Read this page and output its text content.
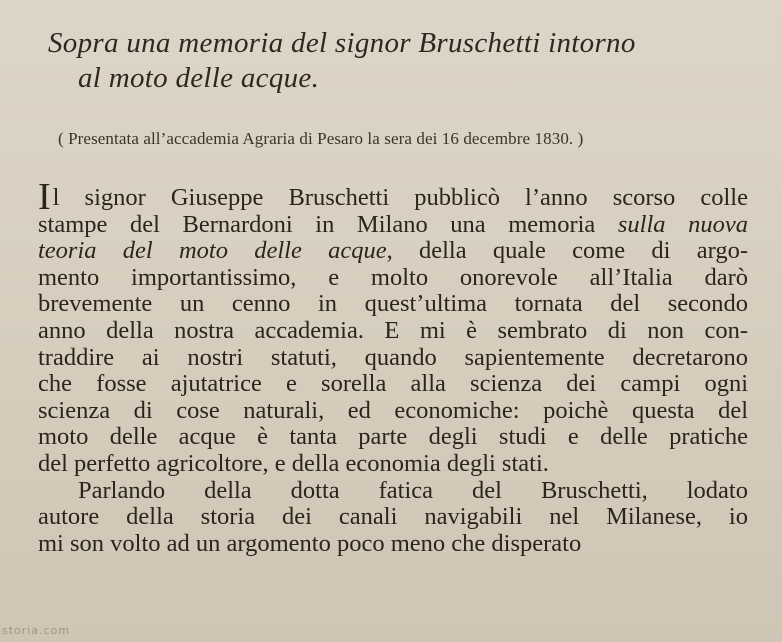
Sopra una memoria del signor Bruschetti intorno
al moto delle acque.
( Presentata all’accademia Agraria di Pesaro la sera dei 16 decembre 1830. )
Il signor Giuseppe Bruschetti pubblicò l’anno scorso colle
stampe del Bernardoni in Milano una memoria sulla nuova
teoria del moto delle acque, della quale come di argo-
mento importantissimo, e molto onorevole all’Italia darò
brevemente un cenno in quest’ultima tornata del secondo
anno della nostra accademia. E mi è sembrato di non con-
traddire ai nostri statuti, quando sapientemente decretarono
che fosse ajutatrice e sorella alla scienza dei campi ogni
scienza di cose naturali, ed economiche: poichè questa del
moto delle acque è tanta parte degli studi e delle pratiche
del perfetto agricoltore, e della economia degli stati.
Parlando della dotta fatica del Bruschetti, lodato
autore della storia dei canali navigabili nel Milanese, io
mi son volto ad un argomento poco meno che disperato
storia.com
